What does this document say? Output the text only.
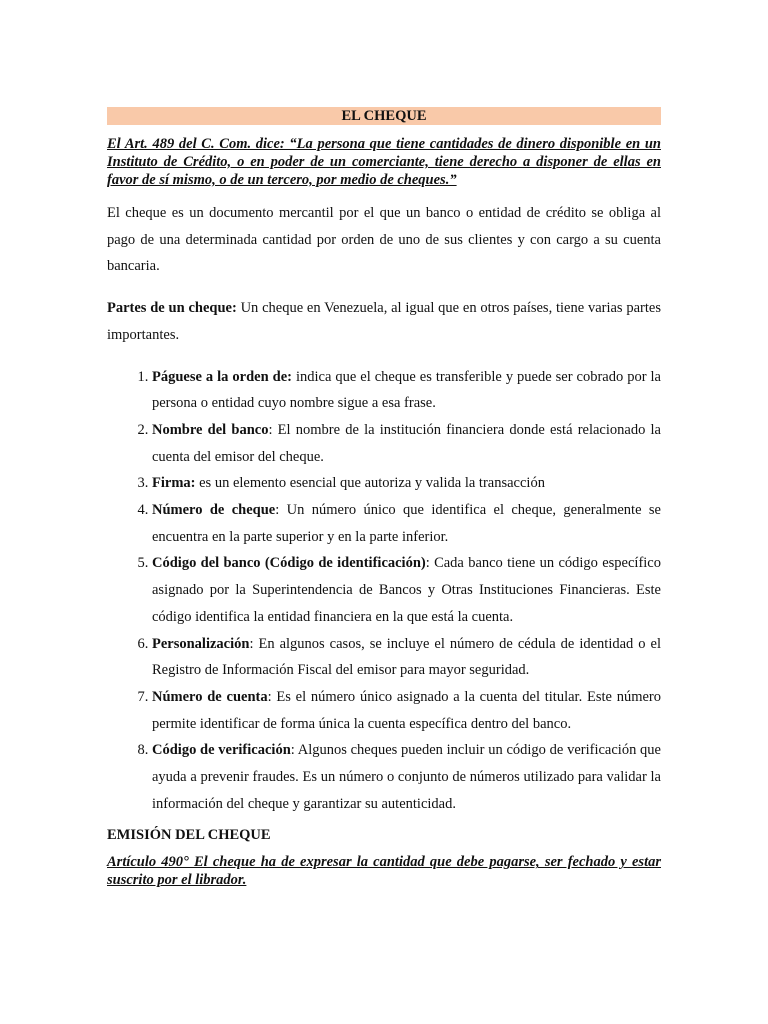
EL CHEQUE

El Art. 489 del C. Com. dice: “La persona que tiene cantidades de dinero disponible en un Instituto de Crédito, o en poder de un comerciante, tiene derecho a disponer de ellas en favor de sí mismo, o de un tercero, por medio de cheques.”

El cheque es un documento mercantil por el que un banco o entidad de crédito se obliga al pago de una determinada cantidad por orden de uno de sus clientes y con cargo a su cuenta bancaria.

Partes de un cheque: Un cheque en Venezuela, al igual que en otros países, tiene varias partes importantes.

1. Páguese a la orden de: indica que el cheque es transferible y puede ser cobrado por la persona o entidad cuyo nombre sigue a esa frase.
2. Nombre del banco: El nombre de la institución financiera donde está relacionado la cuenta del emisor del cheque.
3. Firma: es un elemento esencial que autoriza y valida la transacción
4. Número de cheque: Un número único que identifica el cheque, generalmente se encuentra en la parte superior y en la parte inferior.
5. Código del banco (Código de identificación): Cada banco tiene un código específico asignado por la Superintendencia de Bancos y Otras Instituciones Financieras. Este código identifica la entidad financiera en la que está la cuenta.
6. Personalización: En algunos casos, se incluye el número de cédula de identidad o el Registro de Información Fiscal del emisor para mayor seguridad.
7. Número de cuenta: Es el número único asignado a la cuenta del titular. Este número permite identificar de forma única la cuenta específica dentro del banco.
8. Código de verificación: Algunos cheques pueden incluir un código de verificación que ayuda a prevenir fraudes. Es un número o conjunto de números utilizado para validar la información del cheque y garantizar su autenticidad.
EMISIÓN DEL CHEQUE

Artículo 490° El cheque ha de expresar la cantidad que debe pagarse, ser fechado y estar suscrito por el librador.
